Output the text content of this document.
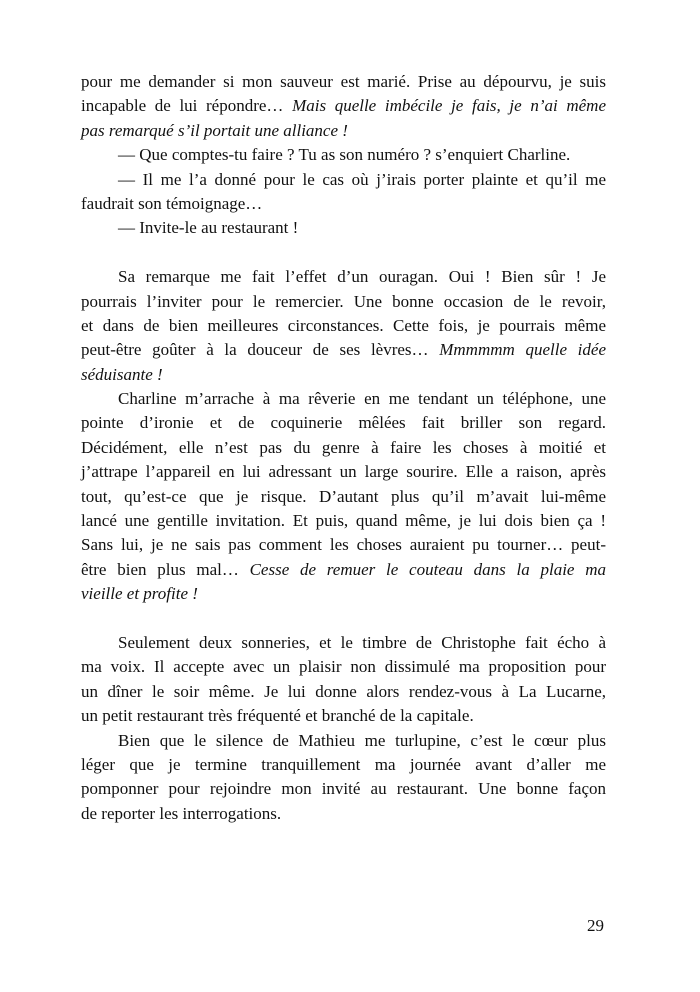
pour me demander si mon sauveur est marié. Prise au dépourvu, je suis
incapable de lui répondre… Mais quelle imbécile je fais, je n’ai même
pas remarqué s’il portait une alliance !
— Que comptes-tu faire ? Tu as son numéro ? s’enquiert Charline.
— Il me l’a donné pour le cas où j’irais porter plainte et qu’il me
faudrait son témoignage…
— Invite-le au restaurant !
Sa remarque me fait l’effet d’un ouragan. Oui ! Bien sûr ! Je
pourrais l’inviter pour le remercier. Une bonne occasion de le revoir,
et dans de bien meilleures circonstances. Cette fois, je pourrais même
peut-être goûter à la douceur de ses lèvres… Mmmmmm quelle idée
séduisante !
Charline m’arrache à ma rêverie en me tendant un téléphone, une
pointe d’ironie et de coquinerie mêlées fait briller son regard.
Décidément, elle n’est pas du genre à faire les choses à moitié et
j’attrape l’appareil en lui adressant un large sourire. Elle a raison, après
tout, qu’est-ce que je risque. D’autant plus qu’il m’avait lui-même
lancé une gentille invitation. Et puis, quand même, je lui dois bien ça !
Sans lui, je ne sais pas comment les choses auraient pu tourner… peut-
être bien plus mal… Cesse de remuer le couteau dans la plaie ma
vieille et profite !
Seulement deux sonneries, et le timbre de Christophe fait écho à
ma voix. Il accepte avec un plaisir non dissimulé ma proposition pour
un dîner le soir même. Je lui donne alors rendez-vous à La Lucarne,
un petit restaurant très fréquenté et branché de la capitale.
Bien que le silence de Mathieu me turlupine, c’est le cœur plus
léger que je termine tranquillement ma journée avant d’aller me
pomponner pour rejoindre mon invité au restaurant. Une bonne façon
de reporter les interrogations.
29
